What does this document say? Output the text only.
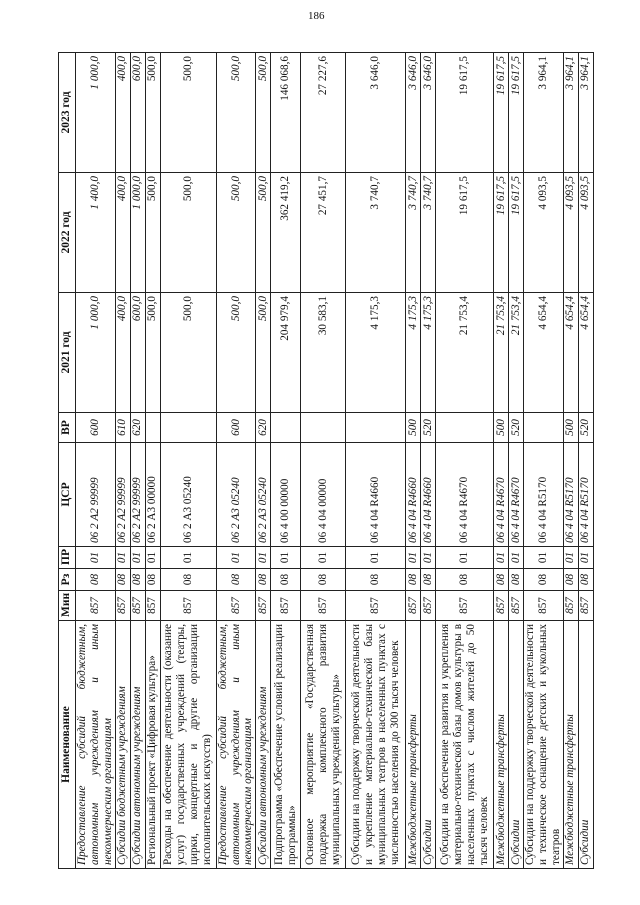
186
Наименование	Мин	Рз	ПР	ЦСР	ВР	2021 год	2022 год	2023 год
Предоставление субсидий бюджетным, автономным учреждениям и иным некоммерческим организациям	857	08	01	06 2 А2 99999	600	1 000,0	1 400,0	1 000,0
Субсидии бюджетным учреждениям	857	08	01	06 2 А2 99999	610	400,0	400,0	400,0
Субсидии автономным учреждениям	857	08	01	06 2 А2 99999	620	600,0	1 000,0	600,0
Региональный проект «Цифровая культура»	857	08	01	06 2 А3 00000		500,0	500,0	500,0
Расходы на обеспечение деятельности (оказание услуг) государственных учреждений (театры, цирки, концертные и другие организации исполнительских искусств)	857	08	01	06 2 А3 05240		500,0	500,0	500,0
Предоставление субсидий бюджетным, автономным учреждениям и иным некоммерческим организациям	857	08	01	06 2 А3 05240	600	500,0	500,0	500,0
Субсидии автономным учреждениям	857	08	01	06 2 А3 05240	620	500,0	500,0	500,0
Подпрограмма «Обеспечение условий реализации программы»	857	08	01	06 4 00 00000		204 979,4	362 419,2	146 068,6
Основное мероприятие «Государственная поддержка комплексного развития муниципальных учреждений культуры»	857	08	01	06 4 04 00000		30 583,1	27 451,7	27 227,6
Субсидии на поддержку творческой деятельности и укрепление материально-технической базы муниципальных театров в населенных пунктах с численностью населения до 300 тысяч человек	857	08	01	06 4 04 R4660		4 175,3	3 740,7	3 646,0
Межбюджетные трансферты	857	08	01	06 4 04 R4660	500	4 175,3	3 740,7	3 646,0
Субсидии	857	08	01	06 4 04 R4660	520	4 175,3	3 740,7	3 646,0
Субсидии на обеспечение развития и укрепления материально-технической базы домов культуры в населенных пунктах с числом жителей до 50 тысяч человек	857	08	01	06 4 04 R4670		21 753,4	19 617,5	19 617,5
Межбюджетные трансферты	857	08	01	06 4 04 R4670	500	21 753,4	19 617,5	19 617,5
Субсидии	857	08	01	06 4 04 R4670	520	21 753,4	19 617,5	19 617,5
Субсидии на поддержку творческой деятельности и техническое оснащение детских и кукольных театров	857	08	01	06 4 04 R5170		4 654,4	4 093,5	3 964,1
Межбюджетные трансферты	857	08	01	06 4 04 R5170	500	4 654,4	4 093,5	3 964,1
Субсидии	857	08	01	06 4 04 R5170	520	4 654,4	4 093,5	3 964,1
